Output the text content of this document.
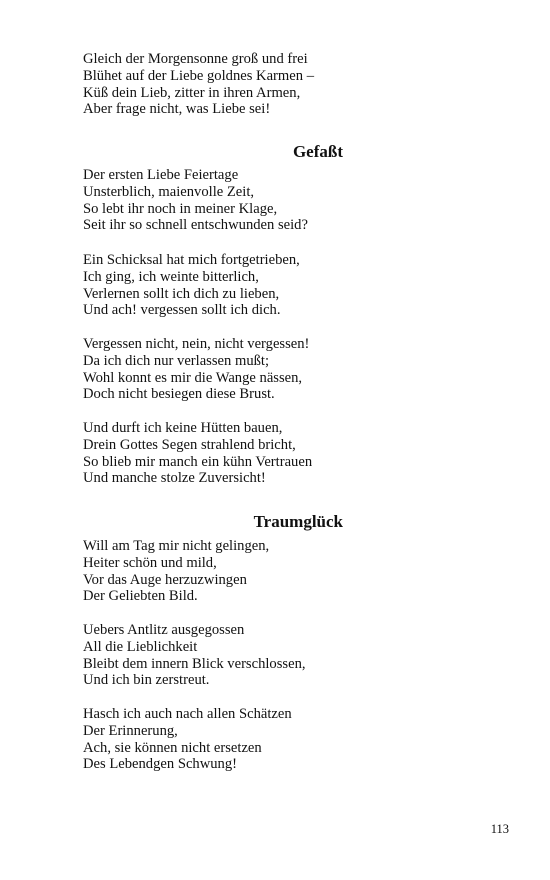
Gleich der Morgensonne groß und frei
Blühet auf der Liebe goldnes Karmen –
Küß dein Lieb, zitter in ihren Armen,
Aber frage nicht, was Liebe sei!
Gefaßt
Der ersten Liebe Feiertage
Unsterblich, maienvolle Zeit,
So lebt ihr noch in meiner Klage,
Seit ihr so schnell entschwunden seid?
Ein Schicksal hat mich fortgetrieben,
Ich ging, ich weinte bitterlich,
Verlernen sollt ich dich zu lieben,
Und ach! vergessen sollt ich dich.
Vergessen nicht, nein, nicht vergessen!
Da ich dich nur verlassen mußt;
Wohl konnt es mir die Wange nässen,
Doch nicht besiegen diese Brust.
Und durft ich keine Hütten bauen,
Drein Gottes Segen strahlend bricht,
So blieb mir manch ein kühn Vertrauen
Und manche stolze Zuversicht!
Traumglück
Will am Tag mir nicht gelingen,
Heiter schön und mild,
Vor das Auge herzuzwingen
Der Geliebten Bild.
Uebers Antlitz ausgegossen
All die Lieblichkeit
Bleibt dem innern Blick verschlossen,
Und ich bin zerstreut.
Hasch ich auch nach allen Schätzen
Der Erinnerung,
Ach, sie können nicht ersetzen
Des Lebendgen Schwung!
113
